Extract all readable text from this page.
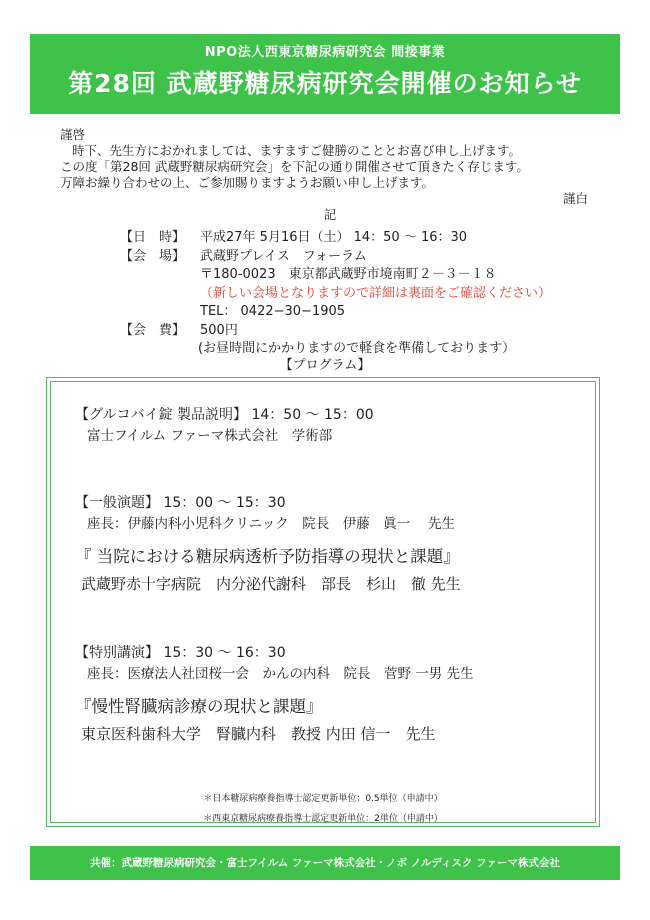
NPO法人西東京糖尿病研究会 間接事業
第28回 武蔵野糖尿病研究会開催のお知らせ

謹啓

時下、先生方におかれましては、ますますご健勝のこととお喜び申し上げます。

この度「第28回 武蔵野糖尿病研究会」を下記の通り開催させて頂きたく存じます。

万障お繰り合わせの上、ご参加賜りますようお願い申し上げます。

謹白

記

【日　時】	平成27年 5月16日（土） 14：50 ～ 16：30
【会　場】	武蔵野プレイス　フォーラム
〒180-0023　東京都武蔵野市境南町２－３－１８
（新しい会場となりますので詳細は裏面をご確認ください）
TEL： 0422−30−1905
【会　費】	500円
(お昼時間にかかりますので軽食を準備しております）
【プログラム】
【グルコバイ錠 製品説明】 14：50 ～ 15：00
富士フイルム ファーマ株式会社　学術部
【一般演題】 15：00 ～ 15：30
座長：伊藤内科小児科クリニック　院長　伊藤　眞一　 先生
『 当院における糖尿病透析予防指導の現状と課題』
武蔵野赤十字病院　内分泌代謝科　部長　杉山　徹 先生
【特別講演】 15：30 ～ 16：30
座長：医療法人社団桜一会　かんの内科　院長　菅野 一男 先生
『慢性腎臓病診療の現状と課題』
東京医科歯科大学　腎臓内科　教授 内田 信一　先生
＊日本糖尿病療養指導士認定更新単位：0.5単位（申請中）
＊西東京糖尿病療養指導士認定更新単位：2単位（申請中）
共催：武蔵野糖尿病研究会・富士フイルム ファーマ株式会社・ノボ ノルディスク ファーマ株式会社
